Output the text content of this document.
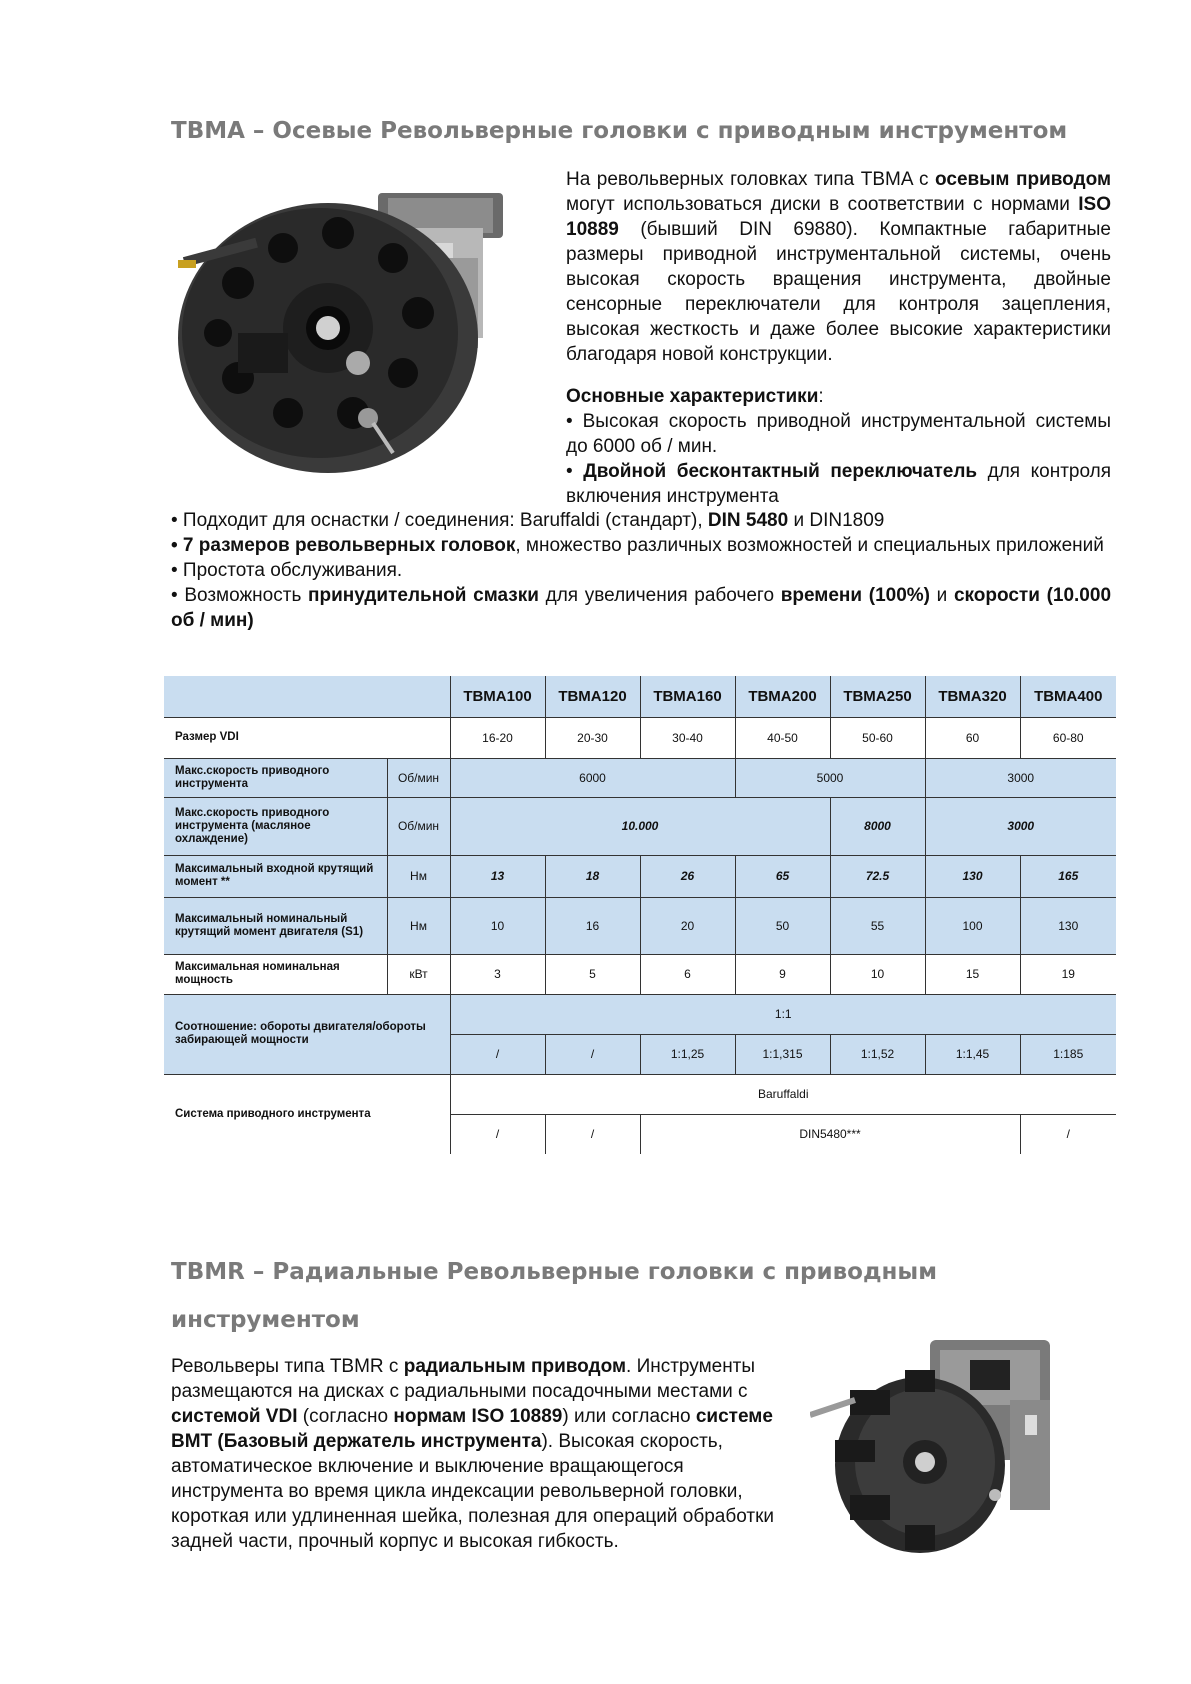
TBMA – Осевые Револьверные головки с приводным инструментом

На револьверных головках типа TBMA с осевым приводом могут использоваться диски в соответствии с нормами ISO 10889 (бывший DIN 69880). Компактные габаритные размеры приводной инструментальной системы, очень высокая скорость вращения инструмента, двойные сенсорные переключатели для контроля зацепления, высокая жесткость и даже более высокие характеристики благодаря новой конструкции.

Основные характеристики:

• Высокая скорость приводной инструментальной системы до 6000 об / мин.

• Двойной бесконтактный переключатель для контроля включения инструмента

• Подходит для оснастки / соединения: Baruffaldi (стандарт), DIN 5480 и DIN1809

• 7 размеров револьверных головок, множество различных возможностей и специальных приложений

• Простота обслуживания.

• Возможность принудительной смазки для увеличения рабочего времени (100%) и скорости (10.000 об / мин)

		TBMA100	TBMA120	TBMA160	TBMA200	TBMA250	TBMA320	TBMA400
Размер VDI		16-20	20-30	30-40	40-50	50-60	60	60-80
Макс.скорость приводного инструмента	Об/мин	6000			5000		3000	
Макс.скорость приводного инструмента (масляное охлаждение)	Об/мин	10.000				8000	3000	
Максимальный входной крутящий момент **	Нм	13	18	26	65	72.5	130	165
Максимальный номинальный крутящий момент двигателя (S1)	Нм	10	16	20	50	55	100	130
Максимальная номинальная мощность	кВт	3	5	6	9	10	15	19
Соотношение: обороты двигателя/обороты забирающей мощности		1:1						
		/	/	1:1,25	1:1,315	1:1,52	1:1,45	1:185
Система приводного инструмента		Baruffaldi						
		/	/	DIN5480***				/
TBMR – Радиальные Револьверные головки с приводным
инструментом

Револьверы типа TBMR с радиальным приводом. Инструменты размещаются на дисках с радиальными посадочными местами с системой VDI (согласно нормам ISO 10889) или согласно системе BMT (Базовый держатель инструмента). Высокая скорость, автоматическое включение и выключение вращающегося инструмента во время цикла индексации револьверной головки, короткая или удлиненная шейка, полезная для операций обработки задней части, прочный корпус и высокая гибкость.
